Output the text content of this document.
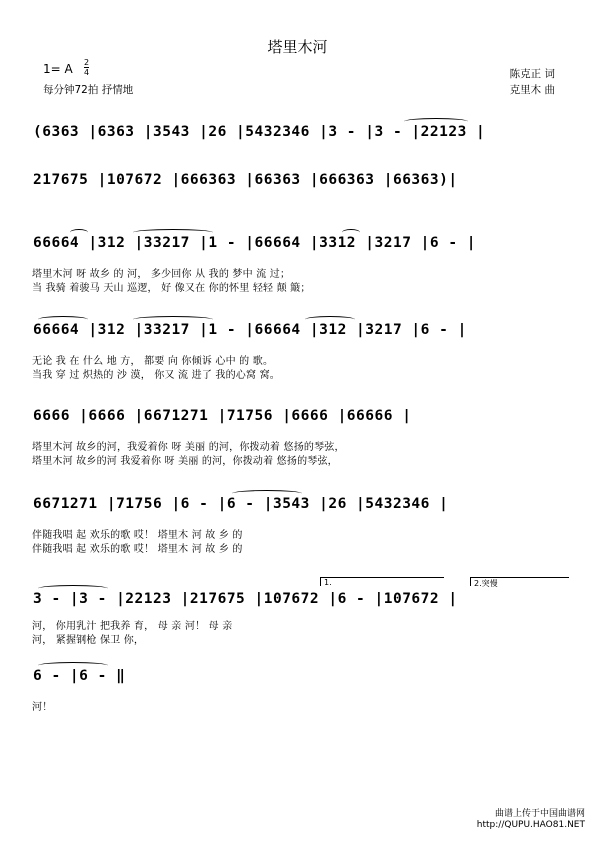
塔里木河
1= A $\frac{2}{4}$
每分钟72拍 抒情地
陈克正 词
克里木 曲
(6363 |6363 |3543 |26 |5432346 |3 - |3 - |22123 |
217675 |107672 |666363 |66363 |666363 |66363)|
66664 |312 |33217 |1 - |66664 |3312 |3217 |6 - |
塔里木河 呀 故乡 的 河， 多少回你 从 我的 梦中 流 过；
当 我骑 着骏马 天山 巡逻， 好 像又在 你的怀里 轻轻 颠 簸；
66664 |312 |33217 |1 - |66664 |312 |3217 |6 - |
无论 我 在 什么 地 方， 都要 向 你倾诉 心中 的 歌。
当我 穿 过 炽热的 沙 漠， 你又 流 进了 我的心窝 窝。
6666 |6666 |6671271 |71756 |6666 |66666 |
塔里木河 故乡的河，我爱着你 呀 美丽 的河，你拨动着 悠扬的琴弦，
塔里木河 故乡的河 我爱着你 呀 美丽 的河，你拨动着 悠扬的琴弦，
6671271 |71756 |6 - |6 - |3543 |26 |5432346 |
伴随我唱 起 欢乐的歌 哎！ 塔里木 河 故 乡 的
伴随我唱 起 欢乐的歌 哎！ 塔里木 河 故 乡 的
1.	2.突慢
3 - |3 - |22123 |217675 |107672 |6 - |107672 |
河， 你用乳汁 把我养 育， 母 亲 河！ 母 亲
河， 紧握钢枪 保卫 你，
6 - |6 - ‖
河！
曲谱上传于中国曲谱网
http://QUPU.HAO81.NET
